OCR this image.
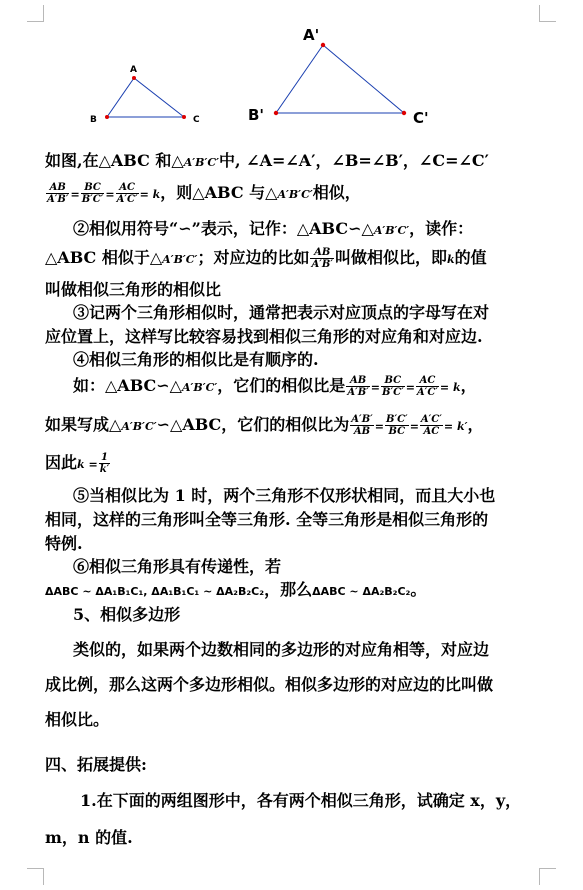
A
B	C
A'
B'	C'
如图,在△ABC 和△A′B′C′中, ∠A=∠A′，∠B=∠B′，∠C=∠C′
$\frac{AB}{A'B'} = \frac{BC}{B'C'} = \frac{AC}{A'C'} = k$，则△ABC 与△A′B′C′相似，
②相似用符号“∽”表示，记作：△ABC∽△A′B′C′，读作：
△ABC 相似于△A′B′C′；对应边的比如 $\frac{AB}{A'B'}$ 叫做相似比，即k的值
叫做相似三角形的相似比
③记两个三角形相似时，通常把表示对应顶点的字母写在对
应位置上，这样写比较容易找到相似三角形的对应角和对应边.
④相似三角形的相似比是有顺序的.
如：△ABC∽△A′B′C′，它们的相似比是 $\frac{AB}{A'B'} = \frac{BC}{B'C'} = \frac{AC}{A'C'} = k$，
如果写成△A′B′C′∽△ABC，它们的相似比为 $\frac{A'B'}{AB} = \frac{B'C'}{BC} = \frac{A'C'}{AC} = k'$，
因此$k = \frac{1}{k'}$
⑤当相似比为 1 时，两个三角形不仅形状相同，而且大小也
相同，这样的三角形叫全等三角形. 全等三角形是相似三角形的
特例.
⑥相似三角形具有传递性，若
ΔABC ~ ΔA₁B₁C₁, ΔA₁B₁C₁ ~ ΔA₂B₂C₂，那么ΔABC ~ ΔA₂B₂C₂。
5、相似多边形
类似的，如果两个边数相同的多边形的对应角相等，对应边
成比例，那么这两个多边形相似。相似多边形的对应边的比叫做
相似比。
四、拓展提供:
1.在下面的两组图形中，各有两个相似三角形，试确定 x，y，
m，n 的值.
